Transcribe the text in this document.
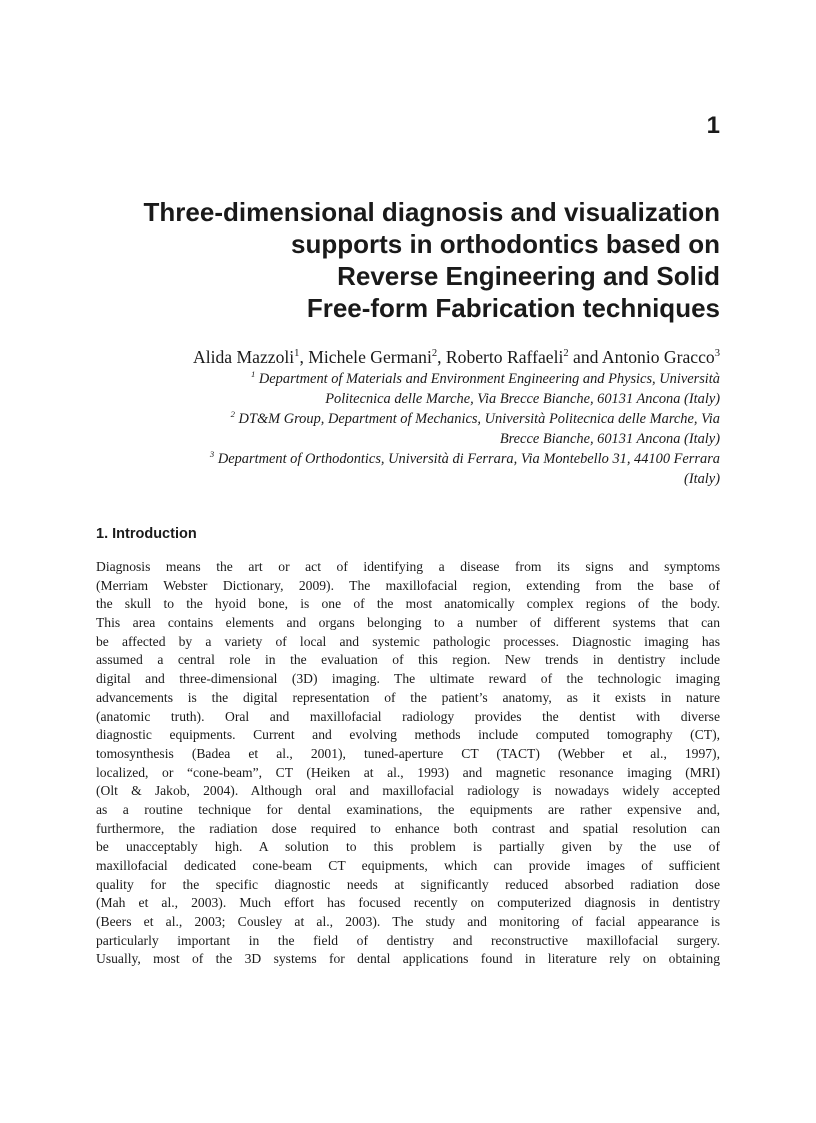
1
Three-dimensional diagnosis and visualization
supports in orthodontics based on
Reverse Engineering and Solid
Free-form Fabrication techniques

Alida Mazzoli$^1$, Michele Germani$^2$, Roberto Raffaeli$^2$ and Antonio Gracco$^3$

$^1$ Department of Materials and Environment Engineering and Physics, Università
Politecnica delle Marche, Via Brecce Bianche, 60131 Ancona (Italy)
$^2$ DT&M Group, Department of Mechanics, Università Politecnica delle Marche, Via
Brecce Bianche, 60131 Ancona (Italy)
$^3$ Department of Orthodontics, Università di Ferrara, Via Montebello 31, 44100 Ferrara
(Italy)
1. Introduction
Diagnosis means the art or act of identifying a disease from its signs and symptoms
(Merriam Webster Dictionary, 2009). The maxillofacial region, extending from the base of
the skull to the hyoid bone, is one of the most anatomically complex regions of the body.
This area contains elements and organs belonging to a number of different systems that can
be affected by a variety of local and systemic pathologic processes. Diagnostic imaging has
assumed a central role in the evaluation of this region. New trends in dentistry include
digital and three-dimensional (3D) imaging. The ultimate reward of the technologic imaging
advancements is the digital representation of the patient’s anatomy, as it exists in nature
(anatomic truth). Oral and maxillofacial radiology provides the dentist with diverse
diagnostic equipments. Current and evolving methods include computed tomography (CT),
tomosynthesis (Badea et al., 2001), tuned-aperture CT (TACT) (Webber et al., 1997),
localized, or “cone-beam”, CT (Heiken at al., 1993) and magnetic resonance imaging (MRI)
(Olt & Jakob, 2004). Although oral and maxillofacial radiology is nowadays widely accepted
as a routine technique for dental examinations, the equipments are rather expensive and,
furthermore, the radiation dose required to enhance both contrast and spatial resolution can
be unacceptably high. A solution to this problem is partially given by the use of
maxillofacial dedicated cone-beam CT equipments, which can provide images of sufficient
quality for the specific diagnostic needs at significantly reduced absorbed radiation dose
(Mah et al., 2003). Much effort has focused recently on computerized diagnosis in dentistry
(Beers et al., 2003; Cousley at al., 2003). The study and monitoring of facial appearance is
particularly important in the field of dentistry and reconstructive maxillofacial surgery.
Usually, most of the 3D systems for dental applications found in literature rely on obtaining
